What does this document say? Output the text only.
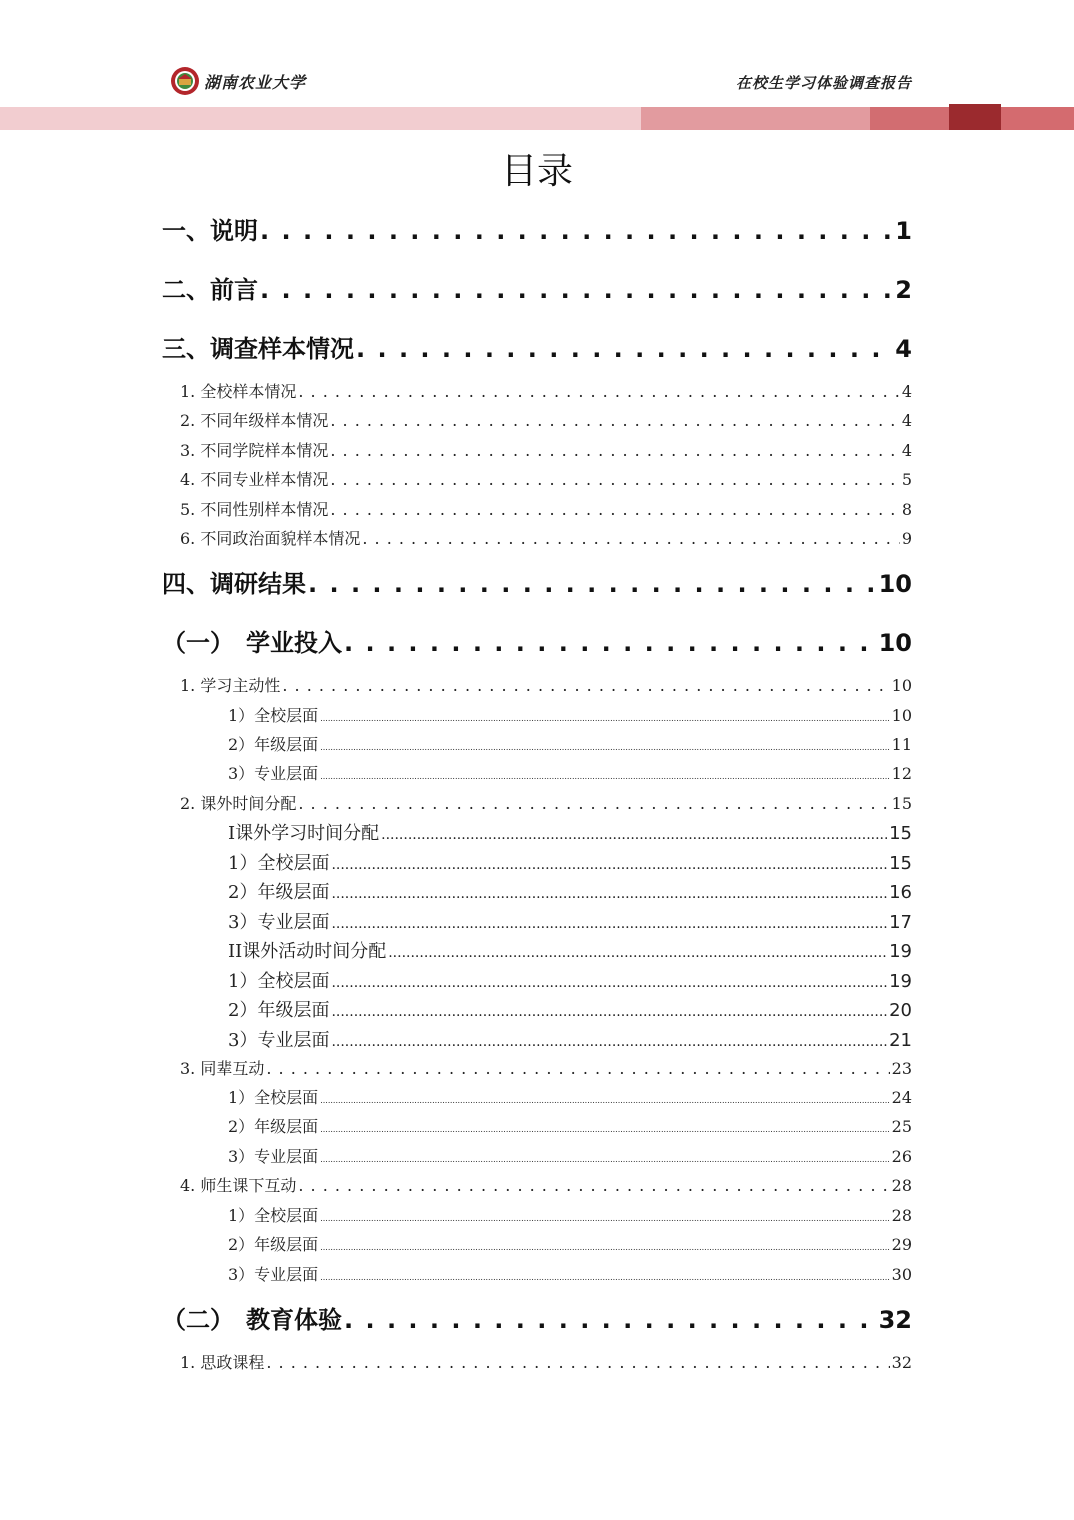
湖南农业大学	在校生学习体验调查报告
目录
一、说明 . . .	1
二、前言 . . .	2
三、调查样本情况 . . .	4
1. 全校样本情况 . . .	4
2. 不同年级样本情况 . . .	4
3. 不同学院样本情况 . . .	4
4. 不同专业样本情况 . . .	5
5. 不同性别样本情况 . . .	8
6. 不同政治面貌样本情况 . . .	9
四、调研结果 . . .	10
（一）　学业投入 . . .	10
1. 学习主动性 . . .	10
1）全校层面 .....	10
2）年级层面 .....	11
3）专业层面 .....	12
2. 课外时间分配 . . .	15
I课外学习时间分配 .....	15
1）全校层面 .....	15
2）年级层面 .....	16
3）专业层面 .....	17
II课外活动时间分配 .....	19
1）全校层面 .....	19
2）年级层面 .....	20
3）专业层面 .....	21
3. 同辈互动 . . .	23
1）全校层面 .....	24
2）年级层面 .....	25
3）专业层面 .....	26
4. 师生课下互动 . . .	28
1）全校层面 .....	28
2）年级层面 .....	29
3）专业层面 .....	30
（二）　教育体验 . . .	32
1. 思政课程 . . .	32
